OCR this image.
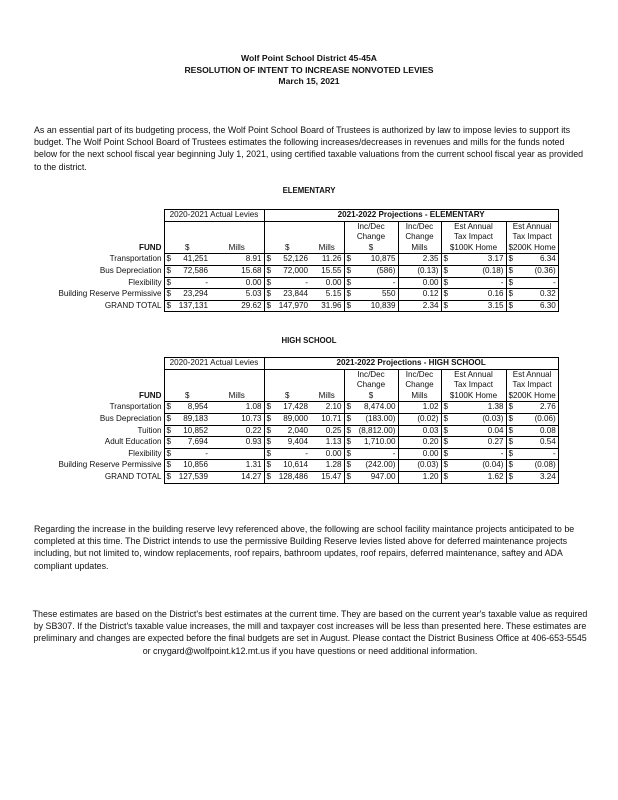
Wolf Point School District 45-45A
RESOLUTION OF INTENT TO INCREASE NONVOTED LEVIES
March 15, 2021
As an essential part of its budgeting process, the Wolf Point School Board of Trustees is authorized by law to impose levies to support its budget. The Wolf Point School Board of Trustees estimates the following increases/decreases in revenues and mills for the funds noted below for the next school fiscal year beginning July 1, 2021, using certified taxable valuations from the current school fiscal year as provided to the district.
ELEMENTARY
	2020-2021 Actual Levies			2021-2022 Projections - ELEMENTARY									
							Inc/Dec		Inc/Dec	Est Annual		Est Annual	
							Change		Change	Tax Impact		Tax Impact	
FUND	$		Mills	$		Mills	$		Mills	$100K Home		$200K Home	
Transportation	$	41,251	8.91	$	52,126	11.26	$	10,875	2.35	$	3.17	$	6.34
Bus Depreciation	$	72,586	15.68	$	72,000	15.55	$	(586)	(0.13)	$	(0.18)	$	(0.36)
Flexibility	$	-	0.00	$	-	0.00	$	-	0.00	$	-	$	-
Building Reserve Permissive	$	23,294	5.03	$	23,844	5.15	$	550	0.12	$	0.16	$	0.32
GRAND TOTAL	$	137,131	29.62	$	147,970	31.96	$	10,839	2.34	$	3.15	$	6.30
HIGH SCHOOL
	2020-2021 Actual Levies			2021-2022 Projections - HIGH SCHOOL									
							Inc/Dec		Inc/Dec	Est Annual		Est Annual	
							Change		Change	Tax Impact		Tax Impact	
FUND	$		Mills	$		Mills	$		Mills	$100K Home		$200K Home	
Transportation	$	8,954	1.08	$	17,428	2.10	$	8,474.00	1.02	$	1.38	$	2.76
Bus Depreciation	$	89,183	10.73	$	89,000	10.71	$	(183.00)	(0.02)	$	(0.03)	$	(0.06)
Tuition	$	10,852	0.22	$	2,040	0.25	$	(8,812.00)	0.03	$	0.04	$	0.08
Adult Education	$	7,694	0.93	$	9,404	1.13	$	1,710.00	0.20	$	0.27	$	0.54
Flexibility	$	-		$	-	0.00	$	-	0.00	$	-	$	-
Building Reserve Permissive	$	10,856	1.31	$	10,614	1.28	$	(242.00)	(0.03)	$	(0.04)	$	(0.08)
GRAND TOTAL	$	127,539	14.27	$	128,486	15.47	$	947.00	1.20	$	1.62	$	3.24
Regarding the increase in the building reserve levy referenced above, the following are school facility maintance projects anticipated to be completed at this time. The District intends to use the permissive Building Reserve levies listed above for deferred maintenance projects including, but not limited to, window replacements, roof repairs, bathroom updates, roof repairs, deferred maintenance, saftey and ADA compliant updates.
These estimates are based on the District's best estimates at the current time. They are based on the current year's taxable value as required by SB307. If the District's taxable value increases, the mill and taxpayer cost increases will be less than presented here. These estimates are preliminary and changes are expected before the final budgets are set in August. Please contact the District Business Office at 406-653-5545 or cnygard@wolfpoint.k12.mt.us if you have questions or need additional information.
